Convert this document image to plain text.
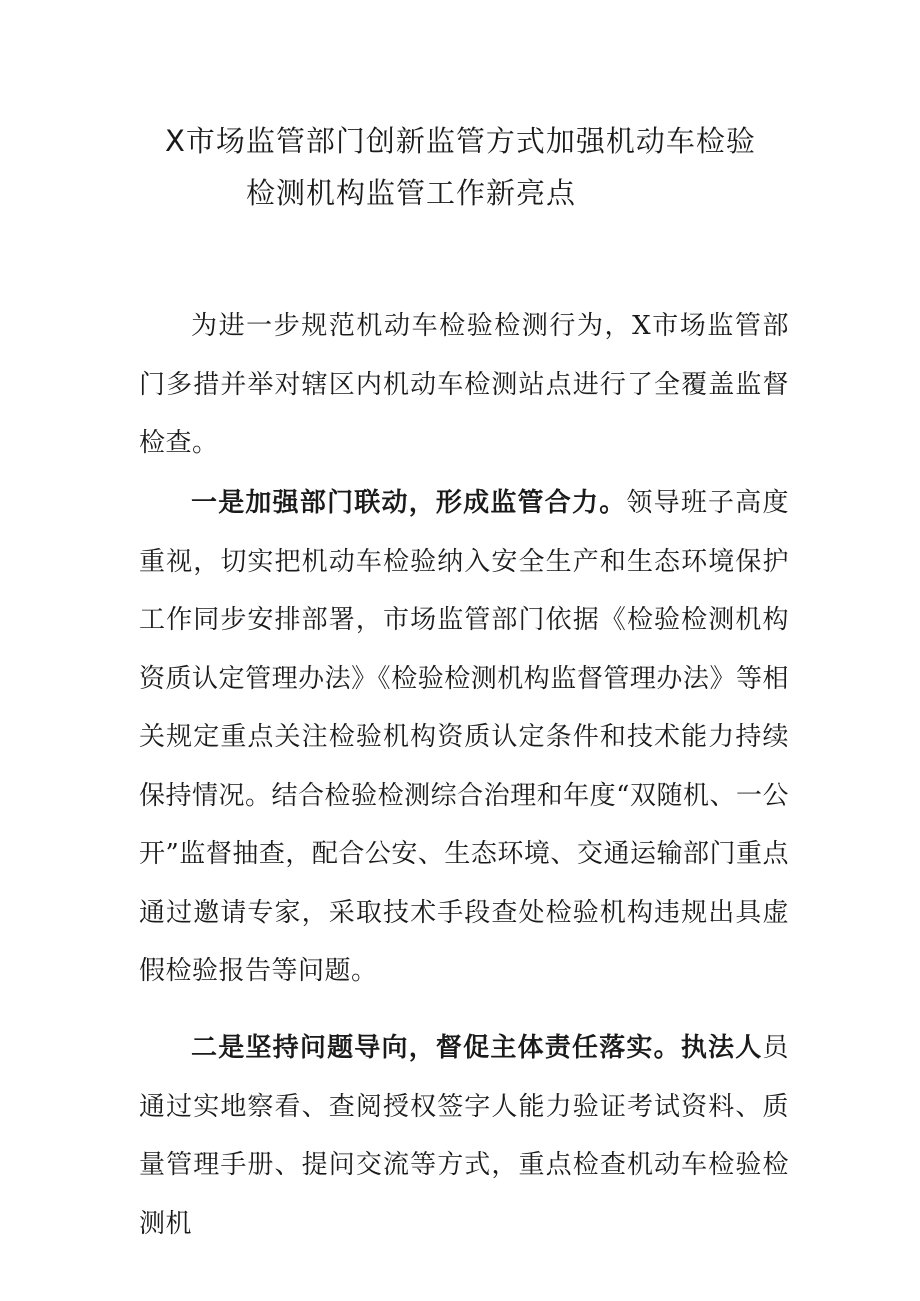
X市场监管部门创新监管方式加强机动车检验
检测机构监管工作新亮点

为进一步规范机动车检验检测行为，X市场监管部门多措并举对辖区内机动车检测站点进行了全覆盖监督检查。

一是加强部门联动，形成监管合力。领导班子高度重视，切实把机动车检验纳入安全生产和生态环境保护工作同步安排部署，市场监管部门依据《检验检测机构资质认定管理办法》《检验检测机构监督管理办法》等相关规定重点关注检验机构资质认定条件和技术能力持续保持情况。结合检验检测综合治理和年度“双随机、一公开”监督抽查，配合公安、生态环境、交通运输部门重点通过邀请专家，采取技术手段查处检验机构违规出具虚假检验报告等问题。

二是坚持问题导向，督促主体责任落实。执法人员通过实地察看、查阅授权签字人能力验证考试资料、质量管理手册、提问交流等方式，重点检查机动车检验检测机
